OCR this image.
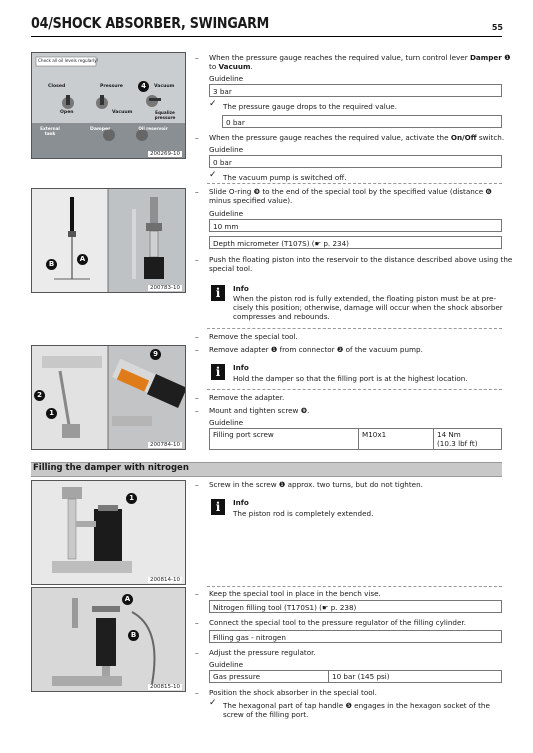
04/SHOCK ABSORBER, SWINGARM	55
Check all oil levels regularly!
Closed	Pressure	Vacuum
Open	Vacuum	Equalize pressure
External tank
Damper	Oil reservoir
4
200269-10
B
A
200783-10
9
2
1
200784-10
1
200814-10
A
B
200815-10
– When the pressure gauge reaches the required value, turn control lever Damper ❶
to Vacuum.
Guideline
3 bar
✓ The pressure gauge drops to the required value.
0 bar
– When the pressure gauge reaches the required value, activate the On/Off switch.
Guideline
0 bar
✓ The vacuum pump is switched off.
– Slide O-ring ❾ to the end of the special tool by the specified value (distance ❻
minus specified value).
Guideline
10 mm
Depth micrometer (T107S) (☛ p. 234)
– Push the floating piston into the reservoir to the distance described above using the
special tool.
i	Info
When the piston rod is fully extended, the floating piston must be at pre-
cisely this position; otherwise, damage will occur when the shock absorber
compresses and rebounds.
– Remove the special tool.
– Remove adapter ❶ from connector ❷ of the vacuum pump.
i	Info
Hold the damper so that the filling port is at the highest location.
– Remove the adapter.
– Mount and tighten screw ❾.
Guideline
Filling port screw	M10x1	14 Nm
(10.3 lbf ft)
Filling the damper with nitrogen
– Screw in the screw ❶ approx. two turns, but do not tighten.
i	Info
The piston rod is completely extended.
– Keep the special tool in place in the bench vise.
Nitrogen filling tool (T170S1) (☛ p. 238)
– Connect the special tool to the pressure regulator of the filling cylinder.
Filling gas - nitrogen
– Adjust the pressure regulator.
Guideline
Gas pressure	10 bar (145 psi)
– Position the shock absorber in the special tool.
✓ The hexagonal part of tap handle ❺ engages in the hexagon socket of the
screw of the filling port.
